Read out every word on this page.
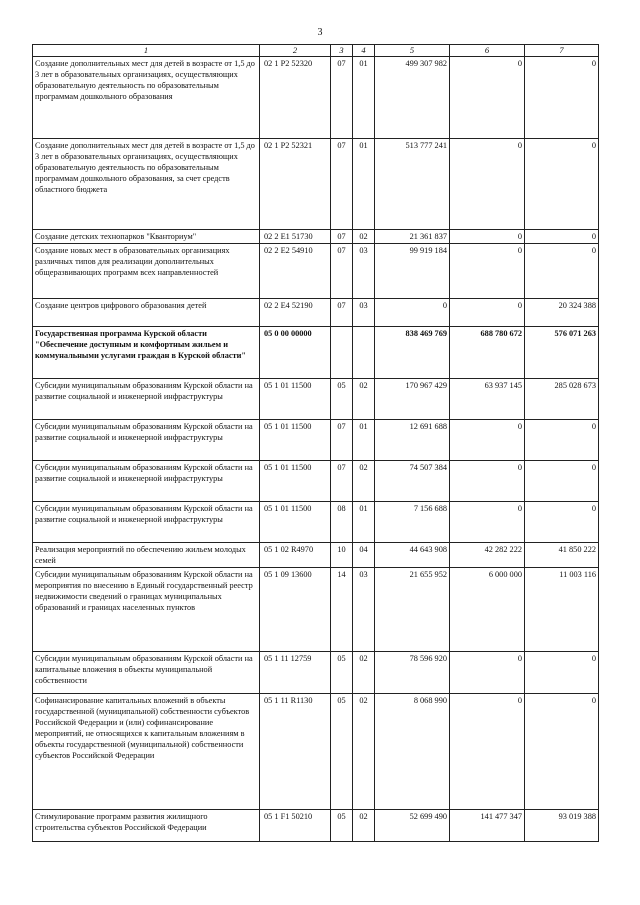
3
1	2	3	4	5	6	7
Создание дополнительных мест для детей в возрасте от 1,5 до 3 лет в образовательных организациях, осуществляющих образовательную деятельность по образовательным программам дошкольного образования	02 1 P2 52320	07	01	499 307 982	0	0
Создание дополнительных мест для детей в возрасте от 1,5 до 3 лет в образовательных организациях, осуществляющих образовательную деятельность по образовательным программам дошкольного образования, за счет средств областного бюджета	02 1 P2 52321	07	01	513 777 241	0	0
Создание детских технопарков "Кванториум"	02 2 E1 51730	07	02	21 361 837	0	0
Создание новых мест в образовательных организациях различных типов для реализации дополнительных общеразвивающих программ всех направленностей	02 2 E2 54910	07	03	99 919 184	0	0
Создание центров цифрового образования детей	02 2 E4 52190	07	03	0	0	20 324 388
Государственная программа Курской области "Обеспечение доступным и комфортным жильем и коммунальными услугами граждан в Курской области"	05 0 00 00000			838 469 769	688 780 672	576 071 263
Субсидии муниципальным образованиям Курской области на развитие социальной и инженерной инфраструктуры	05 1 01 11500	05	02	170 967 429	63 937 145	285 028 673
Субсидии муниципальным образованиям Курской области на развитие социальной и инженерной инфраструктуры	05 1 01 11500	07	01	12 691 688	0	0
Субсидии муниципальным образованиям Курской области на развитие социальной и инженерной инфраструктуры	05 1 01 11500	07	02	74 507 384	0	0
Субсидии муниципальным образованиям Курской области на развитие социальной и инженерной инфраструктуры	05 1 01 11500	08	01	7 156 688	0	0
Реализация мероприятий по обеспечению жильем молодых семей	05 1 02 R4970	10	04	44 643 908	42 282 222	41 850 222
Субсидии муниципальным образованиям Курской области на мероприятия по внесению в Единый государственный реестр недвижимости сведений о границах муниципальных образований и границах населенных пунктов	05 1 09 13600	14	03	21 655 952	6 000 000	11 003 116
Субсидии муниципальным образованиям Курской области на капитальные вложения в объекты муниципальной собственности	05 1 11 12759	05	02	78 596 920	0	0
Софинансирование капитальных вложений в объекты государственной (муниципальной) собственности субъектов Российской Федерации и (или) софинансирование мероприятий, не относящихся к капитальным вложениям в объекты государственной (муниципальной) собственности субъектов Российской Федерации	05 1 11 R1130	05	02	8 068 990	0	0
Стимулирование программ развития жилищного строительства субъектов Российской Федерации	05 1 F1 50210	05	02	52 699 490	141 477 347	93 019 388
